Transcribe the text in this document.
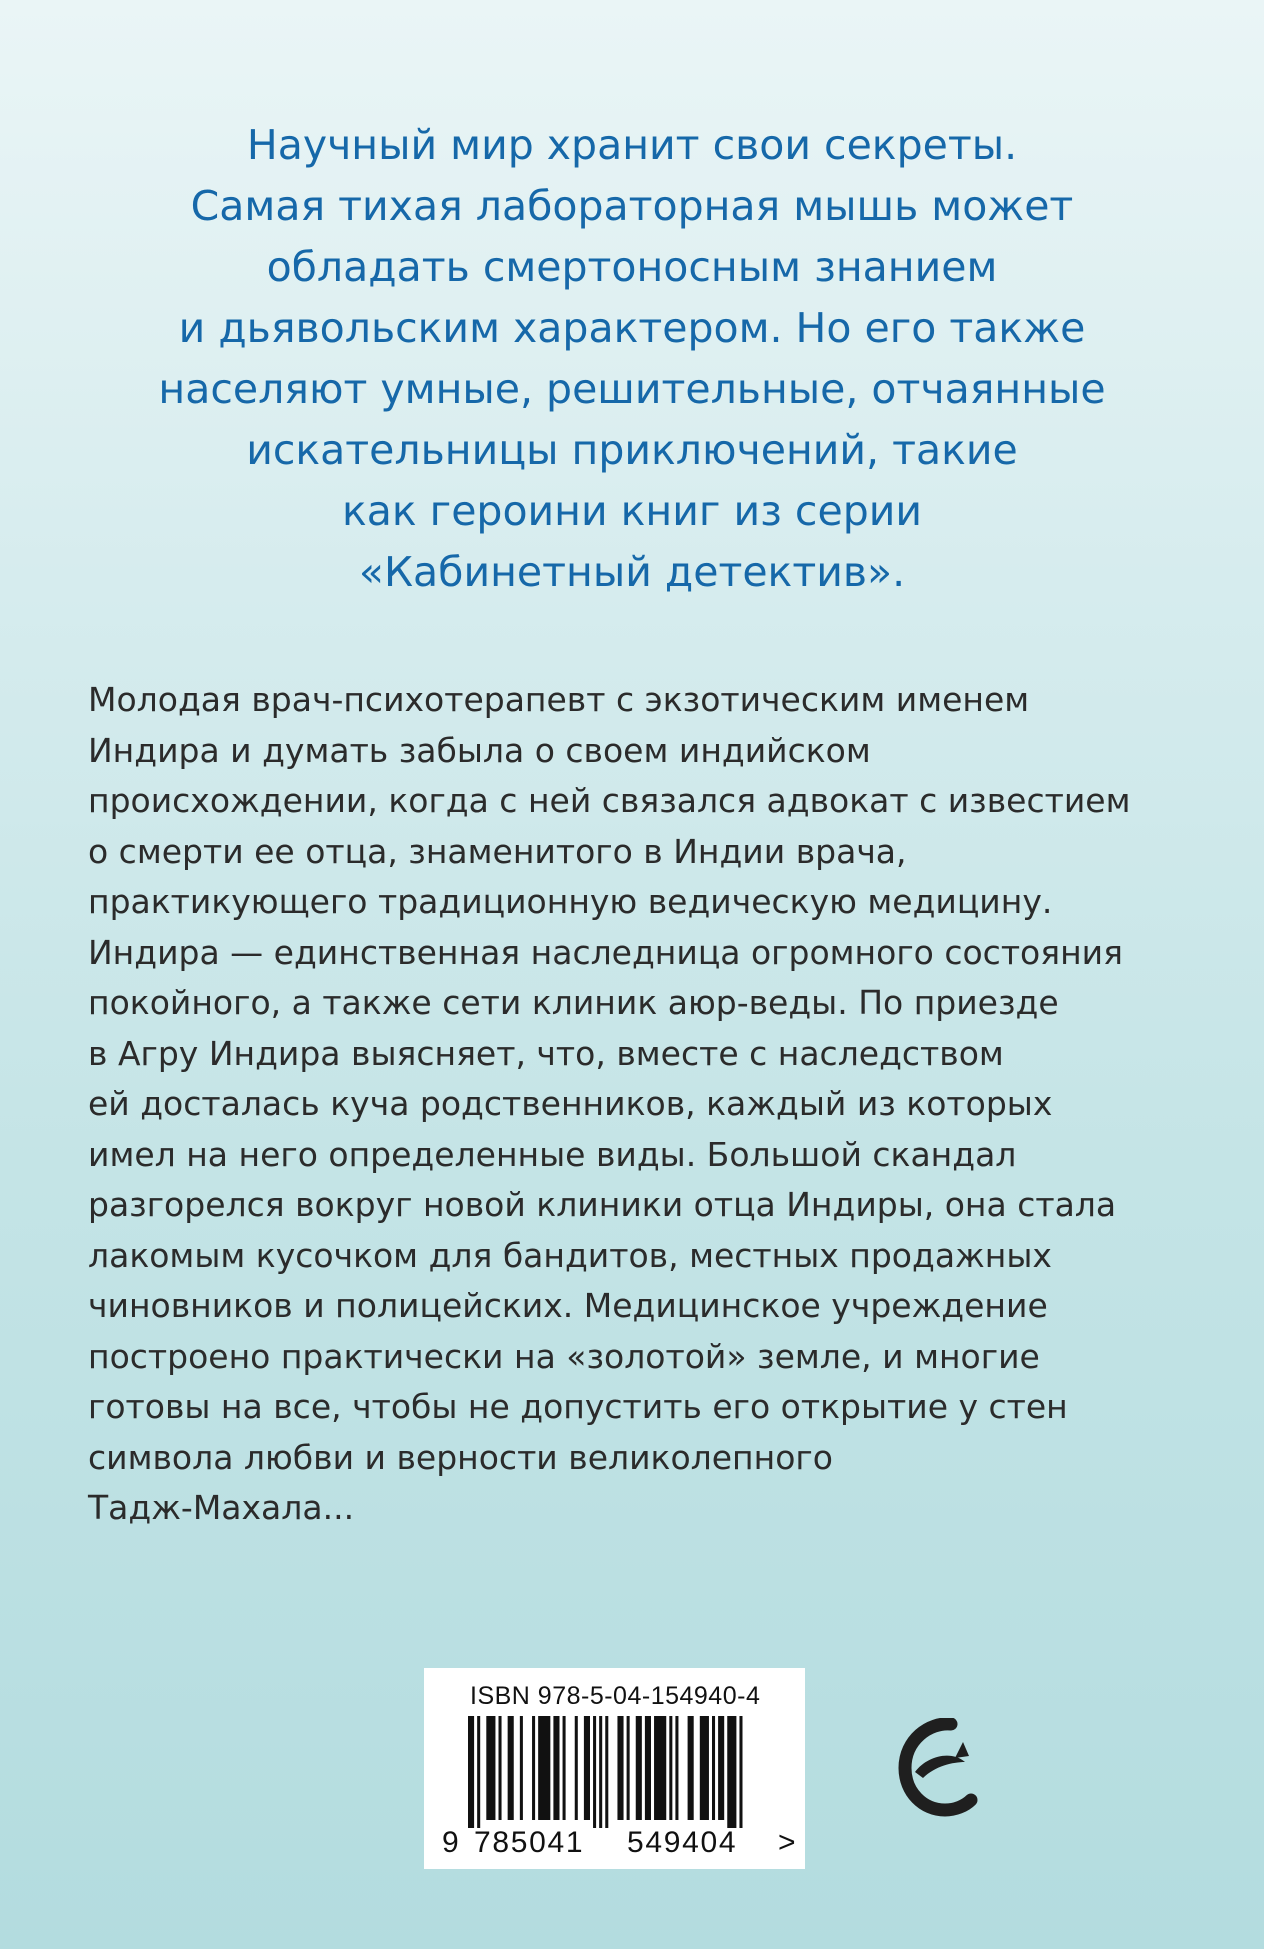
Научный мир хранит свои секреты.
Самая тихая лабораторная мышь может
обладать смертоносным знанием
и дьявольским характером. Но его также
населяют умные, решительные, отчаянные
искательницы приключений, такие
как героини книг из серии
«Кабинетный детектив».
Молодая врач-психотерапевт с экзотическим именем
Индира и думать забыла о своем индийском
происхождении, когда с ней связался адвокат с известием
о смерти ее отца, знаменитого в Индии врача,
практикующего традиционную ведическую медицину.
Индира — единственная наследница огромного состояния
покойного, а также сети клиник аюр-веды. По приезде
в Агру Индира выясняет, что, вместе с наследством
ей досталась куча родственников, каждый из которых
имел на него определенные виды. Большой скандал
разгорелся вокруг новой клиники отца Индиры, она стала
лакомым кусочком для бандитов, местных продажных
чиновников и полицейских. Медицинское учреждение
построено практически на «золотой» земле, и многие
готовы на все, чтобы не допустить его открытие у стен
символа любви и верности великолепного
Тадж-Махала...
ISBN 978-5-04-154940-4
9 785041 549404 >
